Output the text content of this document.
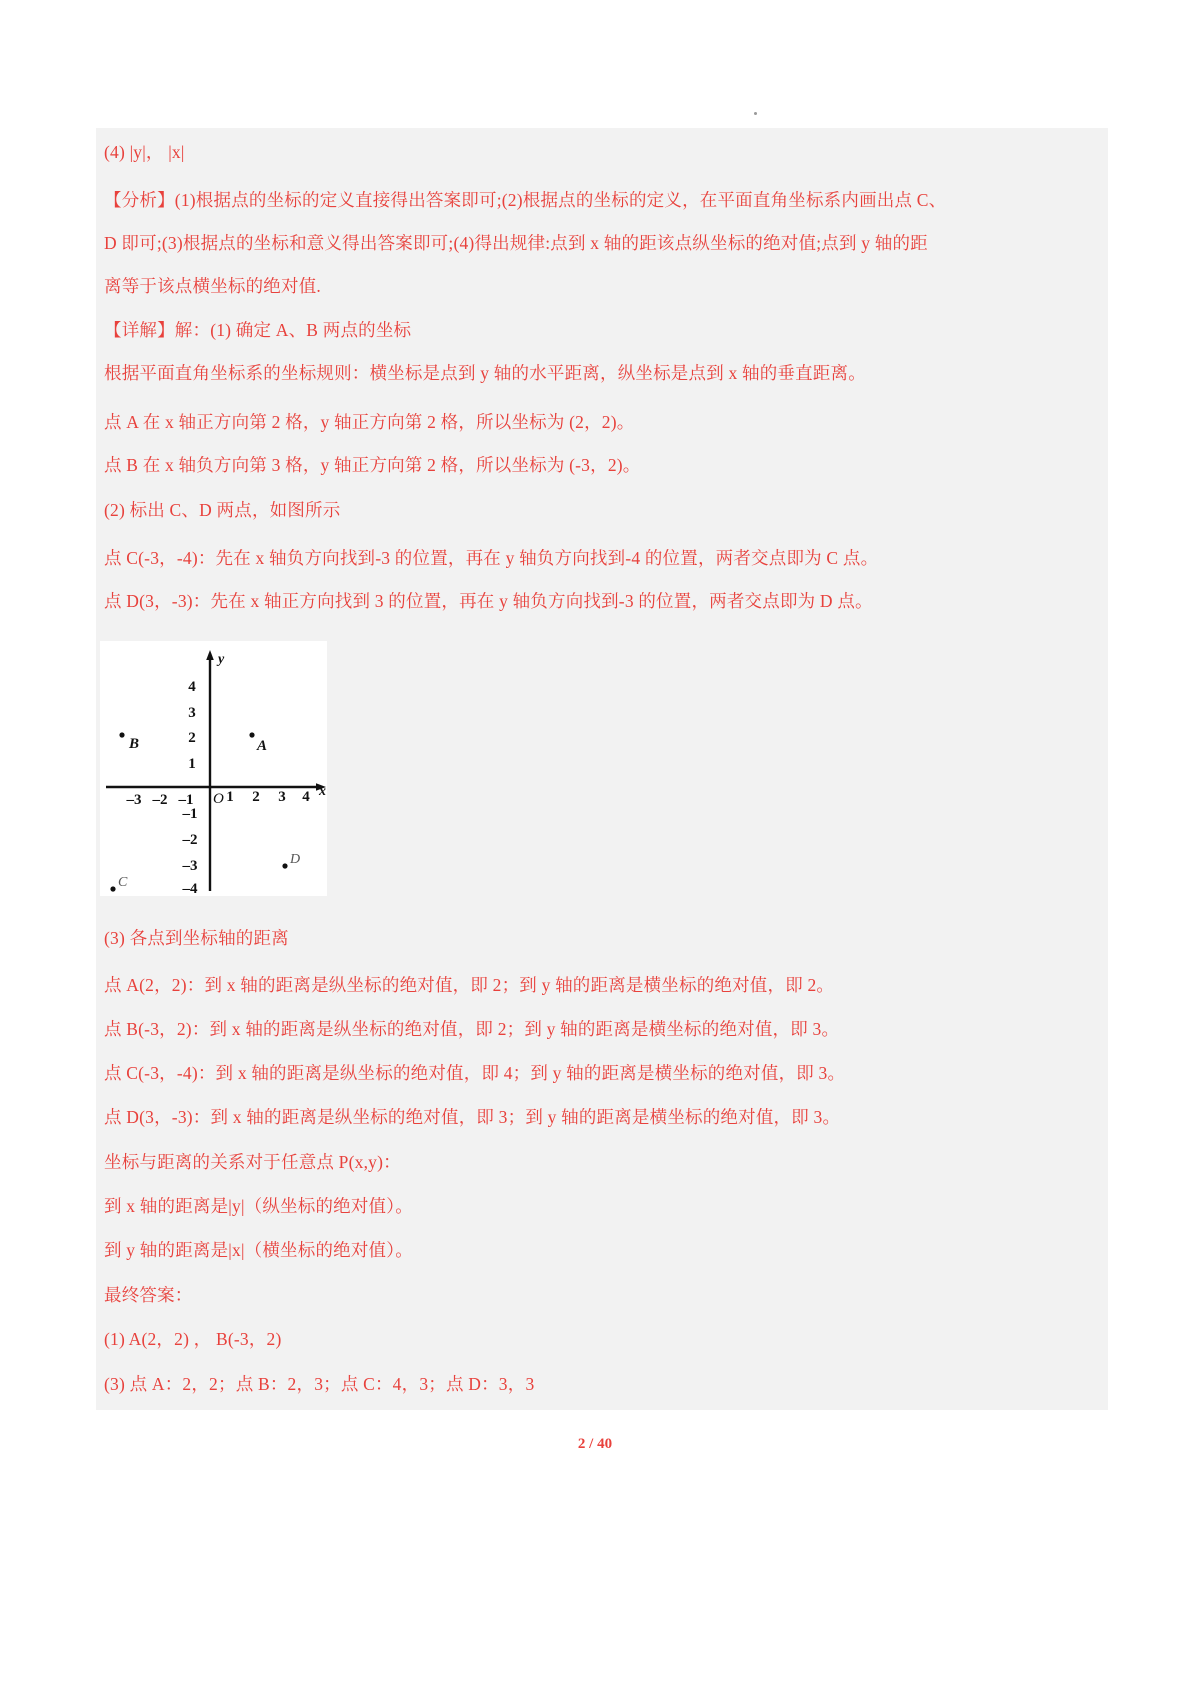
(4) |y|， |x|
【分析】(1)根据点的坐标的定义直接得出答案即可;(2)根据点的坐标的定义，在平面直角坐标系内画出点 C、
D 即可;(3)根据点的坐标和意义得出答案即可;(4)得出规律:点到 x 轴的距该点纵坐标的绝对值;点到 y 轴的距
离等于该点横坐标的绝对值.
【详解】解：(1) 确定 A、B 两点的坐标
根据平面直角坐标系的坐标规则：横坐标是点到 y 轴的水平距离，纵坐标是点到 x 轴的垂直距离。
点 A 在 x 轴正方向第 2 格，y 轴正方向第 2 格，所以坐标为 (2，2)。
点 B 在 x 轴负方向第 3 格，y 轴正方向第 2 格，所以坐标为 (-3，2)。
(2) 标出 C、D 两点，如图所示
点 C(-3，-4)：先在 x 轴负方向找到-3 的位置，再在 y 轴负方向找到-4 的位置，两者交点即为 C 点。
点 D(3，-3)：先在 x 轴正方向找到 3 的位置，再在 y 轴负方向找到-3 的位置，两者交点即为 D 点。
y
x
O
4
3
2
1
–1
–2
–3
–4
–3 –2 –1 1 2 3 4
B	A
D
C
(3) 各点到坐标轴的距离
点 A(2，2)：到 x 轴的距离是纵坐标的绝对值，即 2；到 y 轴的距离是横坐标的绝对值，即 2。
点 B(-3，2)：到 x 轴的距离是纵坐标的绝对值，即 2；到 y 轴的距离是横坐标的绝对值，即 3。
点 C(-3，-4)：到 x 轴的距离是纵坐标的绝对值，即 4；到 y 轴的距离是横坐标的绝对值，即 3。
点 D(3，-3)：到 x 轴的距离是纵坐标的绝对值，即 3；到 y 轴的距离是横坐标的绝对值，即 3。
坐标与距离的关系对于任意点 P(x,y)：
到 x 轴的距离是|y|（纵坐标的绝对值）。
到 y 轴的距离是|x|（横坐标的绝对值）。
最终答案：
(1) A(2，2) ， B(-3，2)
(3) 点 A：2，2；点 B：2，3；点 C：4，3；点 D：3，3
2 / 40
